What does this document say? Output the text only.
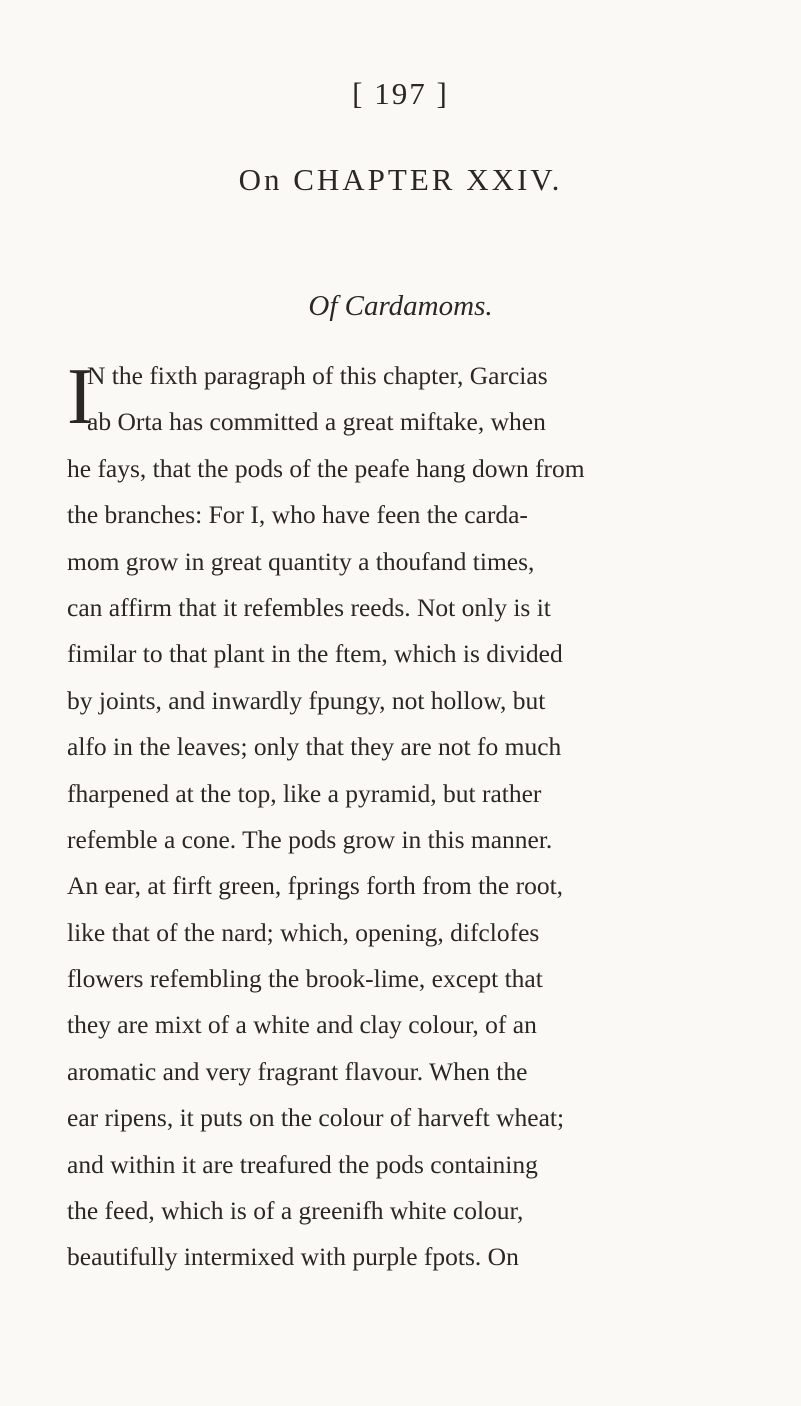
[ 197 ]
On CHAPTER XXIV.
Of Cardamoms.
I
N the fixth paragraph of this chapter, Garcias
ab Orta has committed a great miftake, when
he fays, that the pods of the peafe hang down from
the branches: For I, who have feen the carda-
mom grow in great quantity a thoufand times,
can affirm that it refembles reeds. Not only is it
fimilar to that plant in the ftem, which is divided
by joints, and inwardly fpungy, not hollow, but
alfo in the leaves; only that they are not fo much
fharpened at the top, like a pyramid, but rather
refemble a cone. The pods grow in this manner.
An ear, at firft green, fprings forth from the root,
like that of the nard; which, opening, difclofes
flowers refembling the brook-lime, except that
they are mixt of a white and clay colour, of an
aromatic and very fragrant flavour. When the
ear ripens, it puts on the colour of harveft wheat;
and within it are treafured the pods containing
the feed, which is of a greenifh white colour,
beautifully intermixed with purple fpots. On
